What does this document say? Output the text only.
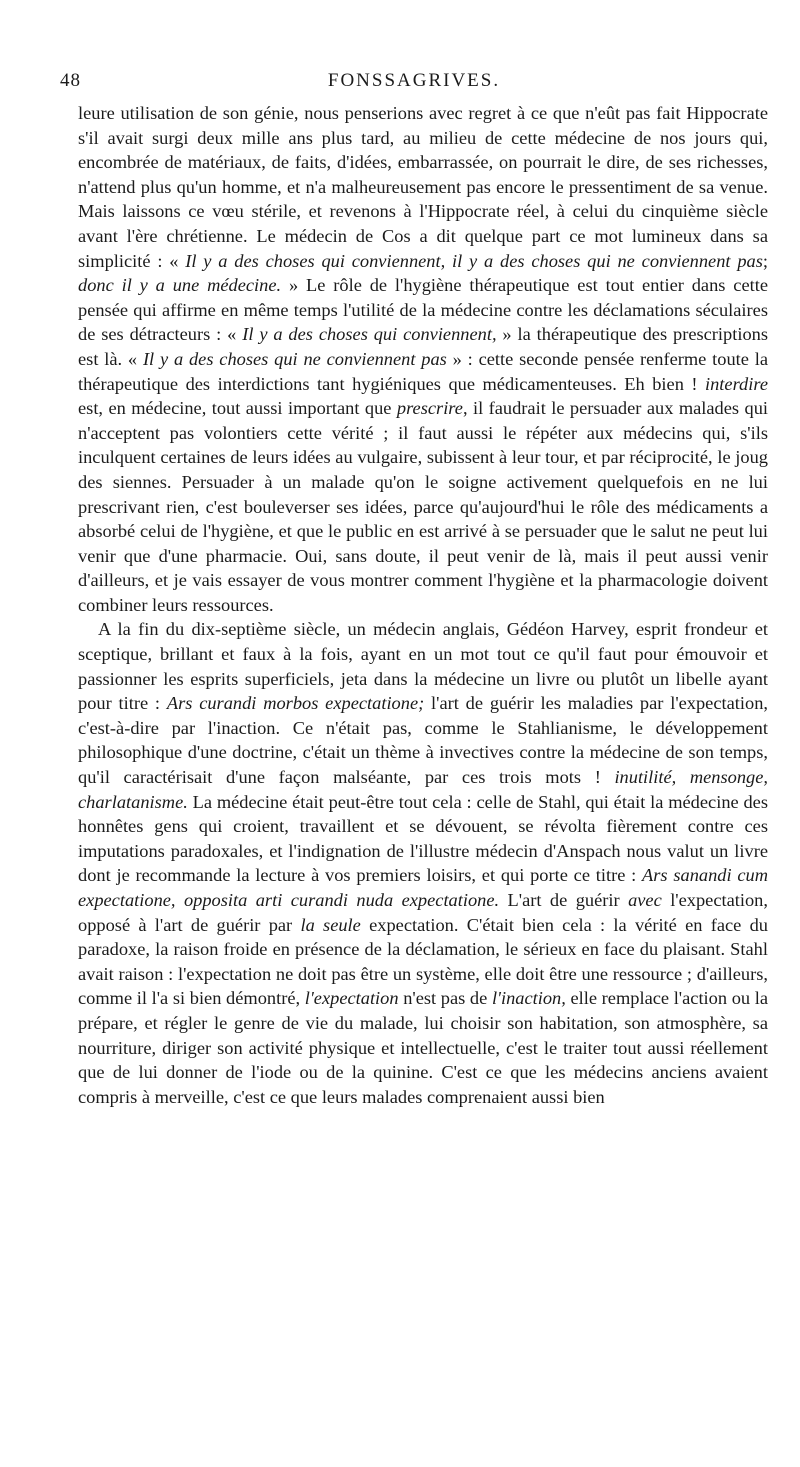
48	FONSSAGRIVES.

leure utilisation de son génie, nous penserions avec regret à ce que n'eût pas fait Hippocrate s'il avait surgi deux mille ans plus tard, au milieu de cette médecine de nos jours qui, encombrée de matériaux, de faits, d'idées, embarrassée, on pourrait le dire, de ses richesses, n'attend plus qu'un homme, et n'a malheureusement pas encore le pressentiment de sa venue. Mais laissons ce vœu stérile, et revenons à l'Hippocrate réel, à celui du cinquième siècle avant l'ère chrétienne. Le médecin de Cos a dit quelque part ce mot lumineux dans sa simplicité : « Il y a des choses qui conviennent, il y a des choses qui ne conviennent pas; donc il y a une médecine. » Le rôle de l'hygiène thérapeutique est tout entier dans cette pensée qui affirme en même temps l'utilité de la médecine contre les déclamations séculaires de ses détracteurs : « Il y a des choses qui conviennent, » la thérapeutique des prescriptions est là. « Il y a des choses qui ne conviennent pas » : cette seconde pensée renferme toute la thérapeutique des interdictions tant hygiéniques que médicamenteuses. Eh bien ! interdire est, en médecine, tout aussi important que prescrire, il faudrait le persuader aux malades qui n'acceptent pas volontiers cette vérité ; il faut aussi le répéter aux médecins qui, s'ils inculquent certaines de leurs idées au vulgaire, subissent à leur tour, et par réciprocité, le joug des siennes. Persuader à un malade qu'on le soigne activement quelquefois en ne lui prescrivant rien, c'est bouleverser ses idées, parce qu'aujourd'hui le rôle des médicaments a absorbé celui de l'hygiène, et que le public en est arrivé à se persuader que le salut ne peut lui venir que d'une pharmacie. Oui, sans doute, il peut venir de là, mais il peut aussi venir d'ailleurs, et je vais essayer de vous montrer comment l'hygiène et la pharmacologie doivent combiner leurs ressources.

A la fin du dix-septième siècle, un médecin anglais, Gédéon Harvey, esprit frondeur et sceptique, brillant et faux à la fois, ayant en un mot tout ce qu'il faut pour émouvoir et passionner les esprits superficiels, jeta dans la médecine un livre ou plutôt un libelle ayant pour titre : Ars curandi morbos expectatione; l'art de guérir les maladies par l'expectation, c'est-à-dire par l'inaction. Ce n'était pas, comme le Stahlianisme, le développement philosophique d'une doctrine, c'était un thème à invectives contre la médecine de son temps, qu'il caractérisait d'une façon malséante, par ces trois mots ! inutilité, mensonge, charlatanisme. La médecine était peut-être tout cela : celle de Stahl, qui était la médecine des honnêtes gens qui croient, travaillent et se dévouent, se révolta fièrement contre ces imputations paradoxales, et l'indignation de l'illustre médecin d'Anspach nous valut un livre dont je recommande la lecture à vos premiers loisirs, et qui porte ce titre : Ars sanandi cum expectatione, opposita arti curandi nuda expectatione. L'art de guérir avec l'expectation, opposé à l'art de guérir par la seule expectation. C'était bien cela : la vérité en face du paradoxe, la raison froide en présence de la déclamation, le sérieux en face du plaisant. Stahl avait raison : l'expectation ne doit pas être un système, elle doit être une ressource ; d'ailleurs, comme il l'a si bien démontré, l'expectation n'est pas de l'inaction, elle remplace l'action ou la prépare, et régler le genre de vie du malade, lui choisir son habitation, son atmosphère, sa nourriture, diriger son activité physique et intellectuelle, c'est le traiter tout aussi réellement que de lui donner de l'iode ou de la quinine. C'est ce que les médecins anciens avaient compris à merveille, c'est ce que leurs malades comprenaient aussi bien
